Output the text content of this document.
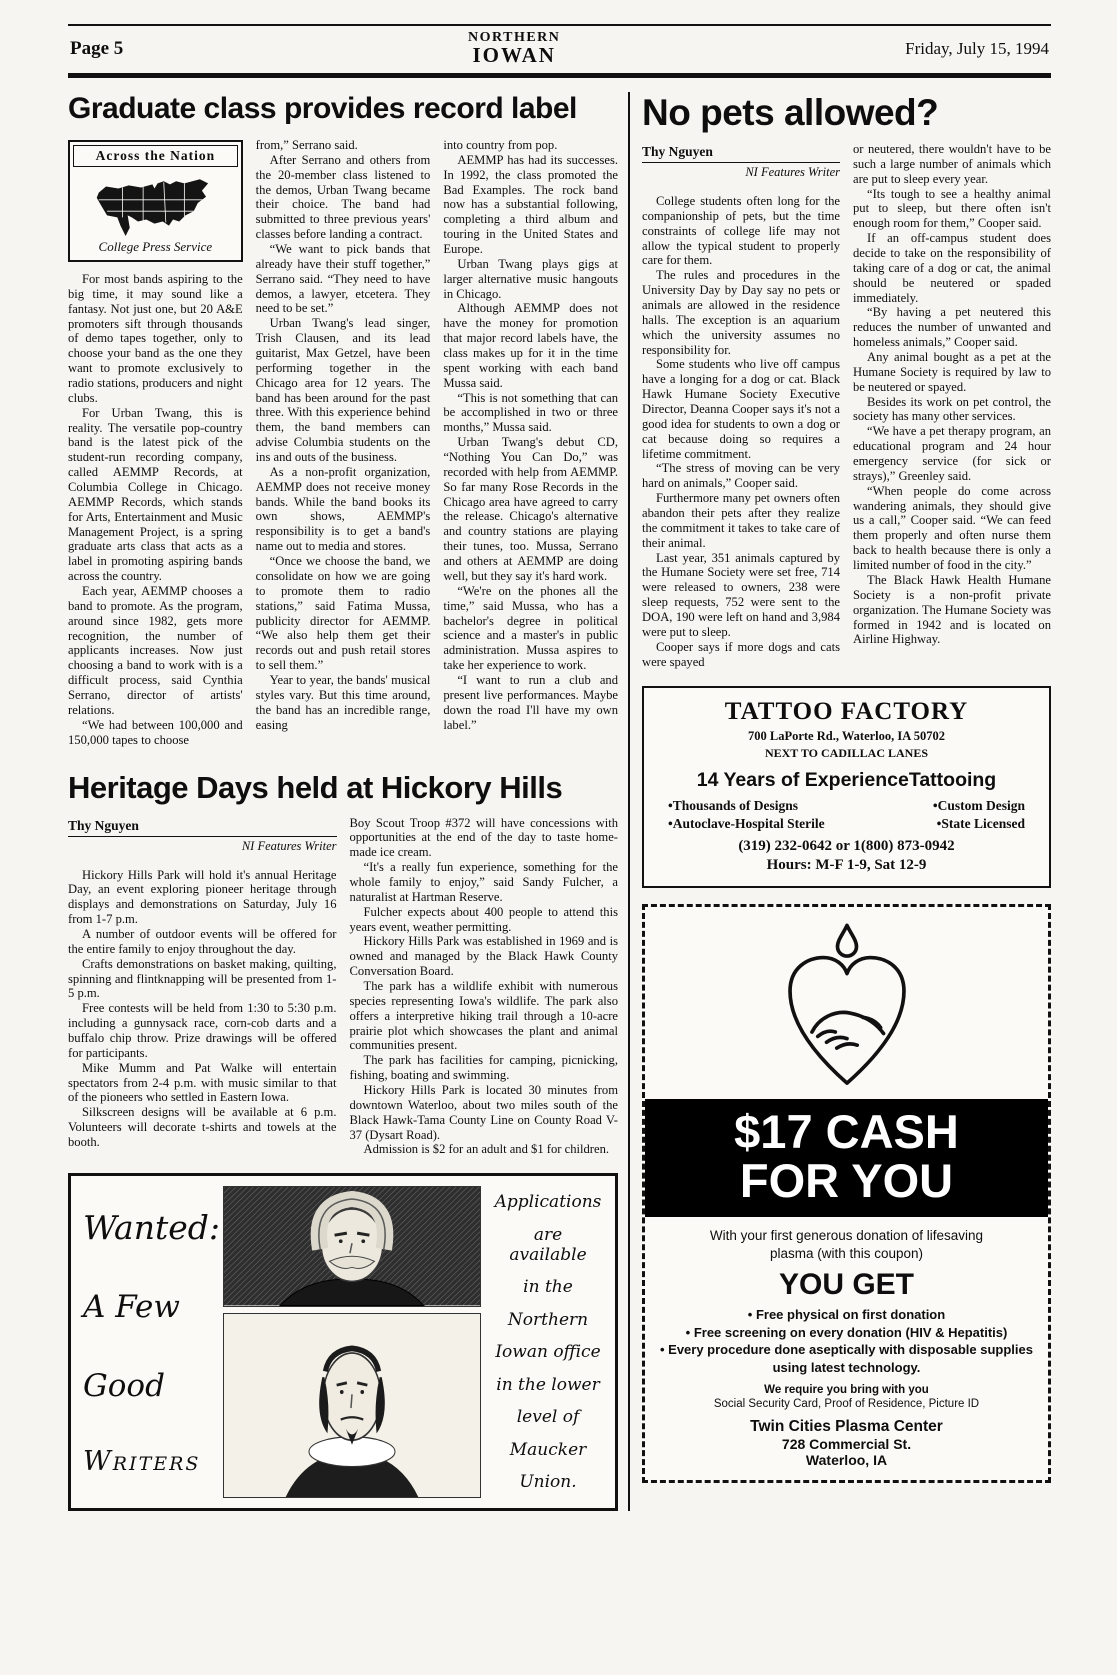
Page 5	NORTHERN
IOWAN	Friday, July 15, 1994
Graduate class provides record label
Across the Nation
College Press Service

For most bands aspiring to the big time, it may sound like a fantasy. Not just one, but 20 A&E promoters sift through thousands of demo tapes together, only to choose your band as the one they want to promote exclusively to radio stations, producers and night clubs.

For Urban Twang, this is reality. The versatile pop-country band is the latest pick of the student-run recording company, called AEMMP Records, at Columbia College in Chicago. AEMMP Records, which stands for Arts, Entertainment and Music Management Project, is a spring graduate arts class that acts as a label in promoting aspiring bands across the country.

Each year, AEMMP chooses a band to promote. As the program, around since 1982, gets more recognition, the number of applicants increases. Now just choosing a band to work with is a difficult process, said Cynthia Serrano, director of artists' relations.

“We had between 100,000 and 150,000 tapes to choose

from,” Serrano said.

After Serrano and others from the 20-member class listened to the demos, Urban Twang became their choice. The band had submitted to three previous years' classes before landing a contract.

“We want to pick bands that already have their stuff together,” Serrano said. “They need to have demos, a lawyer, etcetera. They need to be set.”

Urban Twang's lead singer, Trish Clausen, and its lead guitarist, Max Getzel, have been performing together in the Chicago area for 12 years. The band has been around for the past three. With this experience behind them, the band members can advise Columbia students on the ins and outs of the business.

As a non-profit organization, AEMMP does not receive money bands. While the band books its own shows, AEMMP's responsibility is to get a band's name out to media and stores.

“Once we choose the band, we consolidate on how we are going to promote them to radio stations,” said Fatima Mussa, publicity director for AEMMP. “We also help them get their records out and push retail stores to sell them.”

Year to year, the bands' musical styles vary. But this time around, the band has an incredible range, easing

into country from pop.

AEMMP has had its successes. In 1992, the class promoted the Bad Examples. The rock band now has a substantial following, completing a third album and touring in the United States and Europe.

Urban Twang plays gigs at larger alternative music hangouts in Chicago.

Although AEMMP does not have the money for promotion that major record labels have, the class makes up for it in the time spent working with each band Mussa said.

“This is not something that can be accomplished in two or three months,” Mussa said.

Urban Twang's debut CD, “Nothing You Can Do,” was recorded with help from AEMMP. So far many Rose Records in the Chicago area have agreed to carry the release. Chicago's alternative and country stations are playing their tunes, too. Mussa, Serrano and others at AEMMP are doing well, but they say it's hard work.

“We're on the phones all the time,” said Mussa, who has a bachelor's degree in political science and a master's in public administration. Mussa aspires to take her experience to work.

“I want to run a club and present live performances. Maybe down the road I'll have my own label.”

Heritage Days held at Hickory Hills
Thy Nguyen
NI Features Writer

Hickory Hills Park will hold it's annual Heritage Day, an event exploring pioneer heritage through displays and demonstrations on Saturday, July 16 from 1-7 p.m.

A number of outdoor events will be offered for the entire family to enjoy throughout the day.

Crafts demonstrations on basket making, quilting, spinning and flintknapping will be presented from 1-5 p.m.

Free contests will be held from 1:30 to 5:30 p.m. including a gunnysack race, corn-cob darts and a buffalo chip throw. Prize drawings will be offered for participants.

Mike Mumm and Pat Walke will entertain spectators from 2-4 p.m. with music similar to that of the pioneers who settled in Eastern Iowa.

Silkscreen designs will be available at 6 p.m. Volunteers will decorate t-shirts and towels at the booth.

Boy Scout Troop #372 will have concessions with opportunities at the end of the day to taste home-made ice cream.

“It's a really fun experience, something for the whole family to enjoy,” said Sandy Fulcher, a naturalist at Hartman Reserve.

Fulcher expects about 400 people to attend this years event, weather permitting.

Hickory Hills Park was established in 1969 and is owned and managed by the Black Hawk County Conversation Board.

The park has a wildlife exhibit with numerous species representing Iowa's wildlife. The park also offers a interpretive hiking trail through a 10-acre prairie plot which showcases the plant and animal communities present.

The park has facilities for camping, picnicking, fishing, boating and swimming.

Hickory Hills Park is located 30 minutes from downtown Waterloo, about two miles south of the Black Hawk-Tama County Line on County Road V-37 (Dysart Road).

Admission is $2 for an adult and $1 for children.

Wanted:
A Few
Good
Writers

Applications

are available

in the

Northern

Iowan office

in the lower

level of

Maucker

Union.

No pets allowed?
Thy Nguyen
NI Features Writer

College students often long for the companionship of pets, but the time constraints of college life may not allow the typical student to properly care for them.

The rules and procedures in the University Day by Day say no pets or animals are allowed in the residence halls. The exception is an aquarium which the university assumes no responsibility for.

Some students who live off campus have a longing for a dog or cat. Black Hawk Humane Society Executive Director, Deanna Cooper says it's not a good idea for students to own a dog or cat because doing so requires a lifetime commitment.

“The stress of moving can be very hard on animals,” Cooper said.

Furthermore many pet owners often abandon their pets after they realize the commitment it takes to take care of their animal.

Last year, 351 animals captured by the Humane Society were set free, 714 were released to owners, 238 were sleep requests, 752 were sent to the DOA, 190 were left on hand and 3,984 were put to sleep.

Cooper says if more dogs and cats were spayed

or neutered, there wouldn't have to be such a large number of animals which are put to sleep every year.

“Its tough to see a healthy animal put to sleep, but there often isn't enough room for them,” Cooper said.

If an off-campus student does decide to take on the responsibility of taking care of a dog or cat, the animal should be neutered or spaded immediately.

“By having a pet neutered this reduces the number of unwanted and homeless animals,” Cooper said.

Any animal bought as a pet at the Humane Society is required by law to be neutered or spayed.

Besides its work on pet control, the society has many other services.

“We have a pet therapy program, an educational program and 24 hour emergency service (for sick or strays),” Greenley said.

“When people do come across wandering animals, they should give us a call,” Cooper said. “We can feed them properly and often nurse them back to health because there is only a limited number of food in the city.”

The Black Hawk Health Humane Society is a non-profit private organization. The Humane Society was formed in 1942 and is located on Airline Highway.

TATTOO FACTORY
700 LaPorte Rd., Waterloo, IA 50702
NEXT TO CADILLAC LANES
14 Years of ExperienceTattooing
•Thousands of Designs	•Custom Design
•Autoclave-Hospital Sterile	•State Licensed
(319) 232-0642 or 1(800) 873-0942
Hours: M-F 1-9, Sat 12-9
$17 CASH
FOR YOU
With your first generous donation of lifesaving
plasma (with this coupon)
YOU GET

• Free physical on first donation

• Free screening on every donation (HIV & Hepatitis)

• Every procedure done aseptically with disposable supplies using latest technology.

We require you bring with you
Social Security Card, Proof of Residence, Picture ID
Twin Cities Plasma Center
728 Commercial St.
Waterloo, IA
